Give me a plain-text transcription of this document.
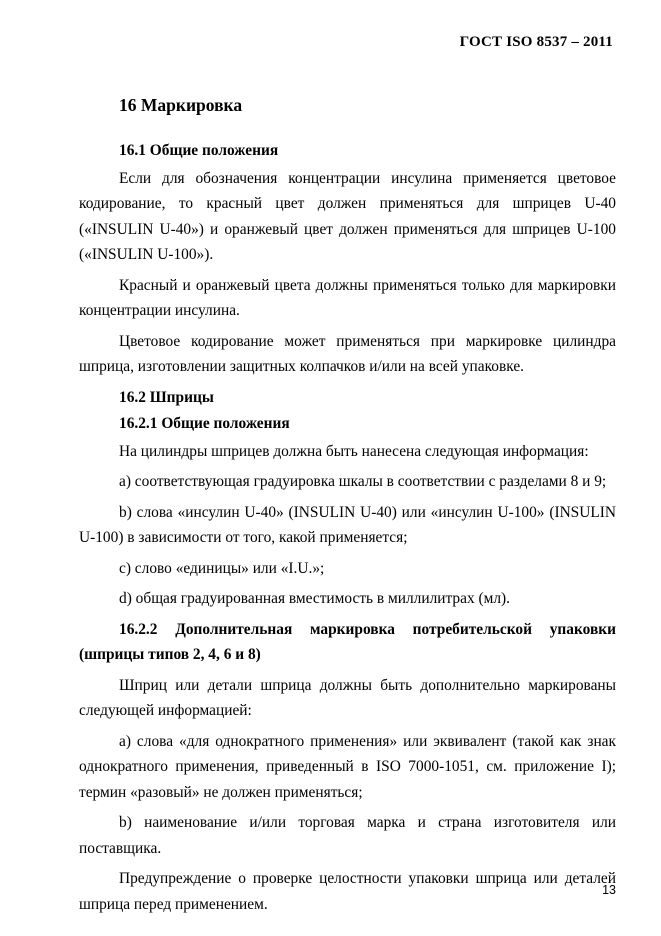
ГОСТ ISO 8537 – 2011
16 Маркировка
16.1 Общие положения

Если для обозначения концентрации инсулина применяется цветовое кодирование, то красный цвет должен применяться для шприцев U-40 («INSULIN U-40») и оранжевый цвет должен применяться для шприцев U-100 («INSULIN U-100»).

Красный и оранжевый цвета должны применяться только для маркировки концентрации инсулина.

Цветовое кодирование может применяться при маркировке цилиндра шприца, изготовлении защитных колпачков и/или на всей упаковке.

16.2 Шприцы
16.2.1 Общие положения

На цилиндры шприцев должна быть нанесена следующая информация:

a) соответствующая градуировка шкалы в соответствии с разделами 8 и 9;

b) слова «инсулин U-40» (INSULIN U-40) или «инсулин U-100» (INSULIN U-100) в зависимости от того, какой применяется;

c) слово «единицы» или «I.U.»;

d) общая градуированная вместимость в миллилитрах (мл).

16.2.2 Дополнительная маркировка потребительской упаковки (шприцы типов 2, 4, 6 и 8)

Шприц или детали шприца должны быть дополнительно маркированы следующей информацией:

a) слова «для однократного применения» или эквивалент (такой как знак однократного применения, приведенный в ISO 7000-1051, см. приложение I); термин «разовый» не должен применяться;

b) наименование и/или торговая марка и страна изготовителя или поставщика.

Предупреждение о проверке целостности упаковки шприца или деталей шприца перед применением.

13
